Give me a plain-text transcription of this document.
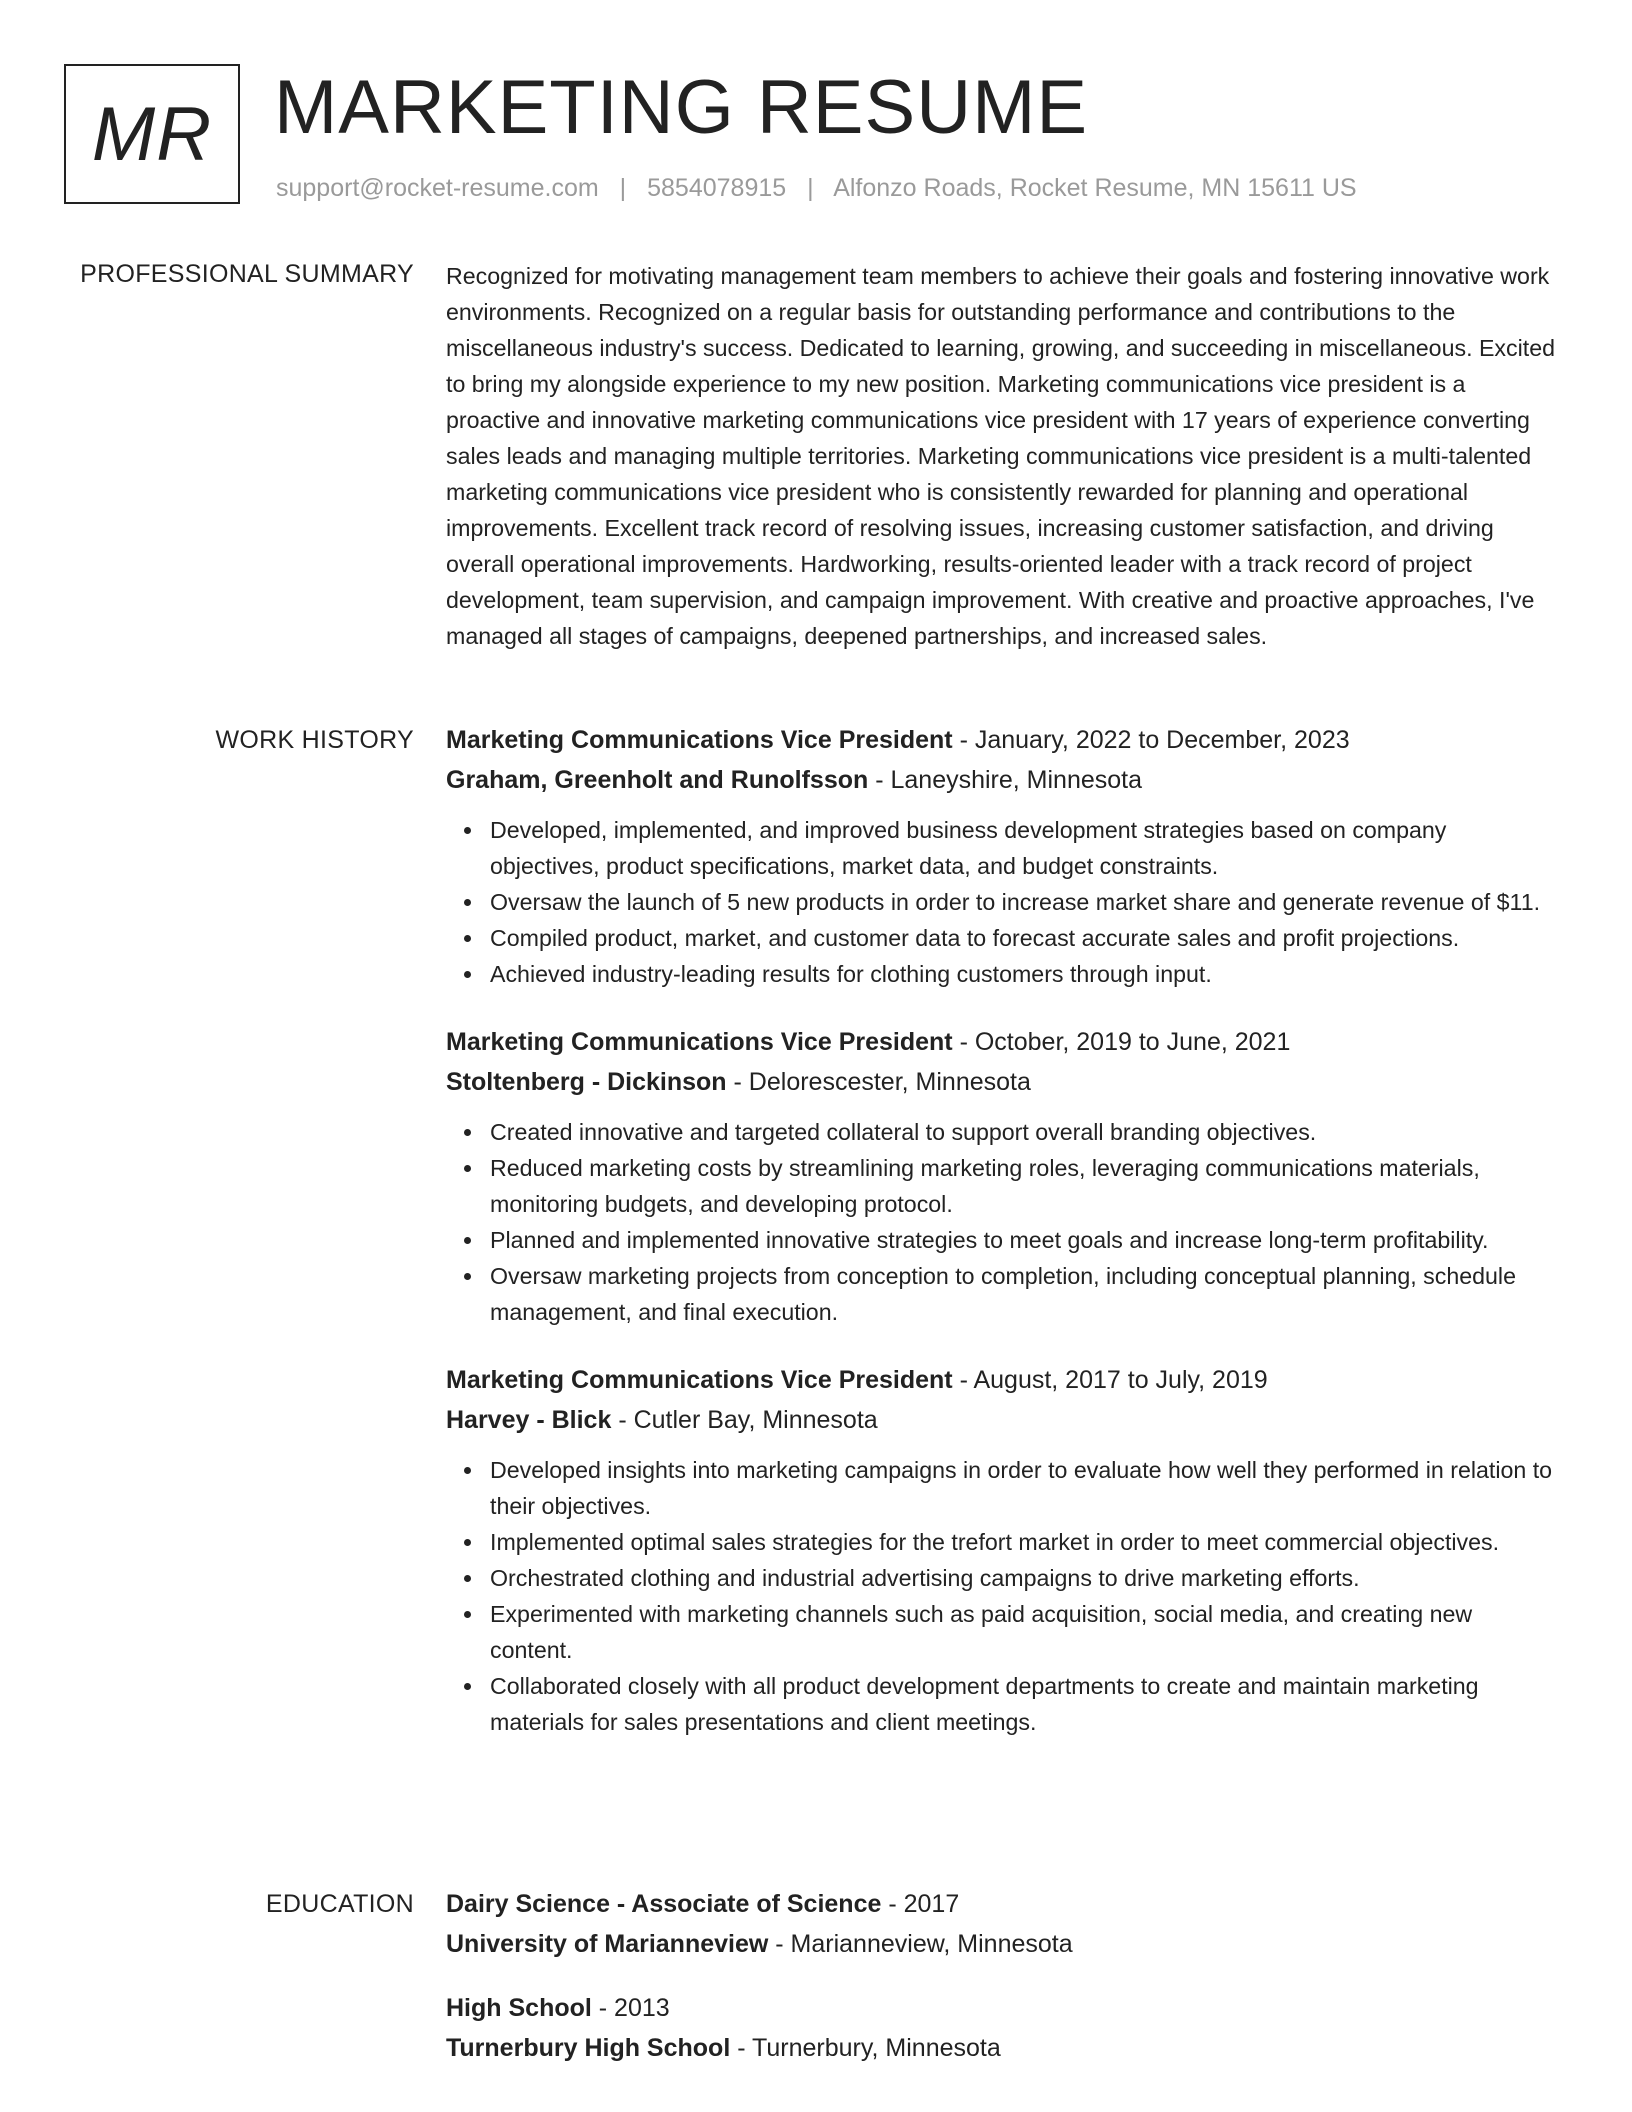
MR MARKETING RESUME
support@rocket-resume.com | 5854078915 | Alfonzo Roads, Rocket Resume, MN 15611 US
PROFESSIONAL SUMMARY Recognized for motivating management team members to achieve their goals and fostering innovative work environments. Recognized on a regular basis for outstanding performance and contributions to the miscellaneous industry's success. Dedicated to learning, growing, and succeeding in miscellaneous. Excited to bring my alongside experience to my new position. Marketing communications vice president is a proactive and innovative marketing communications vice president with 17 years of experience converting sales leads and managing multiple territories. Marketing communications vice president is a multi-talented marketing communications vice president who is consistently rewarded for planning and operational improvements. Excellent track record of resolving issues, increasing customer satisfaction, and driving overall operational improvements. Hardworking, results-oriented leader with a track record of project development, team supervision, and campaign improvement. With creative and proactive approaches, I've managed all stages of campaigns, deepened partnerships, and increased sales.

WORK HISTORY Marketing Communications Vice President - January, 2022 to December, 2023
Graham, Greenholt and Runolfsson - Laneyshire, Minnesota
Developed, implemented, and improved business development strategies based on company objectives, product specifications, market data, and budget constraints.
Oversaw the launch of 5 new products in order to increase market share and generate revenue of $11.
Compiled product, market, and customer data to forecast accurate sales and profit projections.
Achieved industry-leading results for clothing customers through input.
Marketing Communications Vice President - October, 2019 to June, 2021
Stoltenberg - Dickinson - Delorescester, Minnesota
Created innovative and targeted collateral to support overall branding objectives.
Reduced marketing costs by streamlining marketing roles, leveraging communications materials, monitoring budgets, and developing protocol.
Planned and implemented innovative strategies to meet goals and increase long-term profitability.
Oversaw marketing projects from conception to completion, including conceptual planning, schedule management, and final execution.
Marketing Communications Vice President - August, 2017 to July, 2019
Harvey - Blick - Cutler Bay, Minnesota
Developed insights into marketing campaigns in order to evaluate how well they performed in relation to their objectives.
Implemented optimal sales strategies for the trefort market in order to meet commercial objectives.
Orchestrated clothing and industrial advertising campaigns to drive marketing efforts.
Experimented with marketing channels such as paid acquisition, social media, and creating new content.
Collaborated closely with all product development departments to create and maintain marketing materials for sales presentations and client meetings.
EDUCATION Dairy Science - Associate of Science - 2017
University of Marianneview - Marianneview, Minnesota
High School - 2013
Turnerbury High School - Turnerbury, Minnesota
